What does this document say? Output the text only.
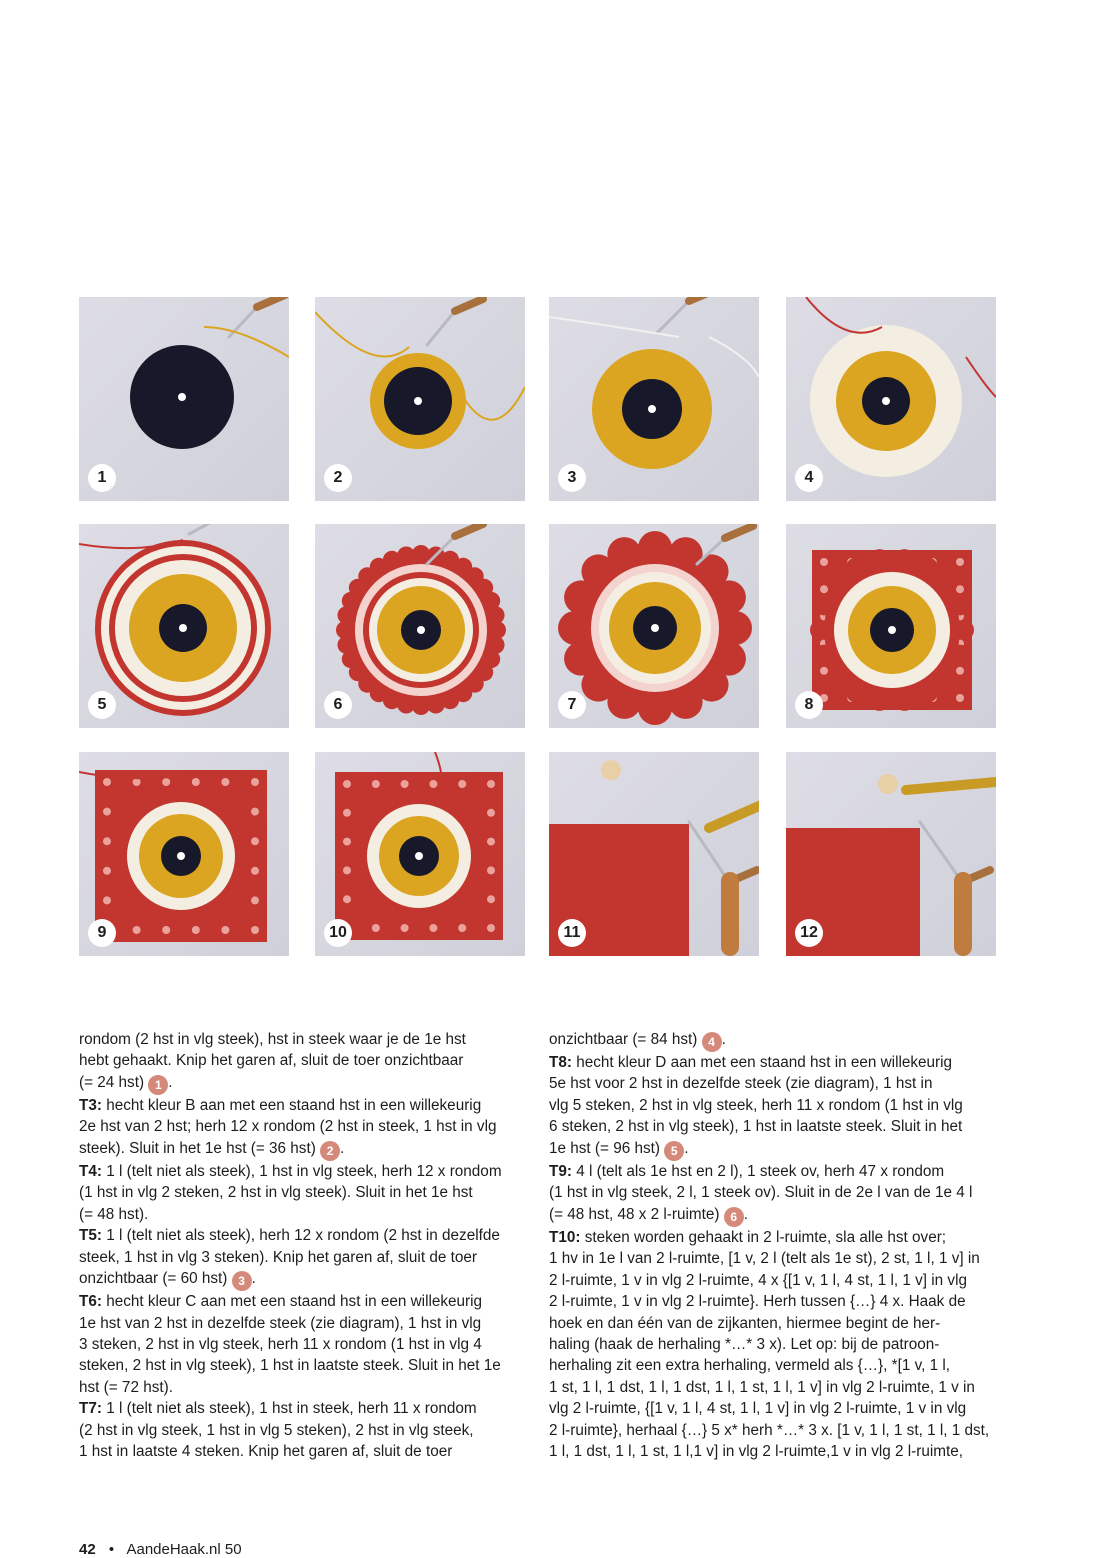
1	2	3	4
5	6	7	8
9	10	11	12

rondom (2 hst in vlg steek), hst in steek waar je de 1e hst
hebt gehaakt. Knip het garen af, sluit de toer onzichtbaar
(= 24 hst) 1 .

T3: hecht kleur B aan met een staand hst in een willekeurig
2e hst van 2 hst; herh 12 x rondom (2 hst in steek, 1 hst in vlg
steek). Sluit in het 1e hst (= 36 hst) 2 .

T4: 1 l (telt niet als steek), 1 hst in vlg steek, herh 12 x rondom
(1 hst in vlg 2 steken, 2 hst in vlg steek). Sluit in het 1e hst
(= 48 hst).

T5: 1 l (telt niet als steek), herh 12 x rondom (2 hst in dezelfde
steek, 1 hst in vlg 3 steken). Knip het garen af, sluit de toer
onzichtbaar (= 60 hst) 3 .

T6: hecht kleur C aan met een staand hst in een willekeurig
1e hst van 2 hst in dezelfde steek (zie diagram), 1 hst in vlg
3 steken, 2 hst in vlg steek, herh 11 x rondom (1 hst in vlg 4
steken, 2 hst in vlg steek), 1 hst in laatste steek. Sluit in het 1e
hst (= 72 hst).

T7: 1 l (telt niet als steek), 1 hst in steek, herh 11 x rondom
(2 hst in vlg steek, 1 hst in vlg 5 steken), 2 hst in vlg steek,
1 hst in laatste 4 steken. Knip het garen af, sluit de toer

onzichtbaar (= 84 hst) 4 .

T8: hecht kleur D aan met een staand hst in een willekeurig
5e hst voor 2 hst in dezelfde steek (zie diagram), 1 hst in
vlg 5 steken, 2 hst in vlg steek, herh 11 x rondom (1 hst in vlg
6 steken, 2 hst in vlg steek), 1 hst in laatste steek. Sluit in het
1e hst (= 96 hst) 5 .

T9: 4 l (telt als 1e hst en 2 l), 1 steek ov, herh 47 x rondom
(1 hst in vlg steek, 2 l, 1 steek ov). Sluit in de 2e l van de 1e 4 l
(= 48 hst, 48 x 2 l-ruimte) 6 .

T10: steken worden gehaakt in 2 l-ruimte, sla alle hst over;
1 hv in 1e l van 2 l-ruimte, [1 v, 2 l (telt als 1e st), 2 st, 1 l, 1 v] in
2 l-ruimte, 1 v in vlg 2 l-ruimte, 4 x {[1 v, 1 l, 4 st, 1 l, 1 v] in vlg
2 l-ruimte, 1 v in vlg 2 l-ruimte}. Herh tussen {…} 4 x. Haak de
hoek en dan één van de zijkanten, hiermee begint de her-
haling (haak de herhaling *…* 3 x). Let op: bij de patroon-
herhaling zit een extra herhaling, vermeld als {…}, *[1 v, 1 l,
1 st, 1 l, 1 dst, 1 l, 1 dst, 1 l, 1 st, 1 l, 1 v] in vlg 2 l-ruimte, 1 v in
vlg 2 l-ruimte, {[1 v, 1 l, 4 st, 1 l, 1 v] in vlg 2 l-ruimte, 1 v in vlg
2 l-ruimte}, herhaal {…} 5 x* herh *…* 3 x. [1 v, 1 l, 1 st, 1 l, 1 dst,
1 l, 1 dst, 1 l, 1 st, 1 l,1 v] in vlg 2 l-ruimte,1 v in vlg 2 l-ruimte,

42 • AandeHaak.nl 50
